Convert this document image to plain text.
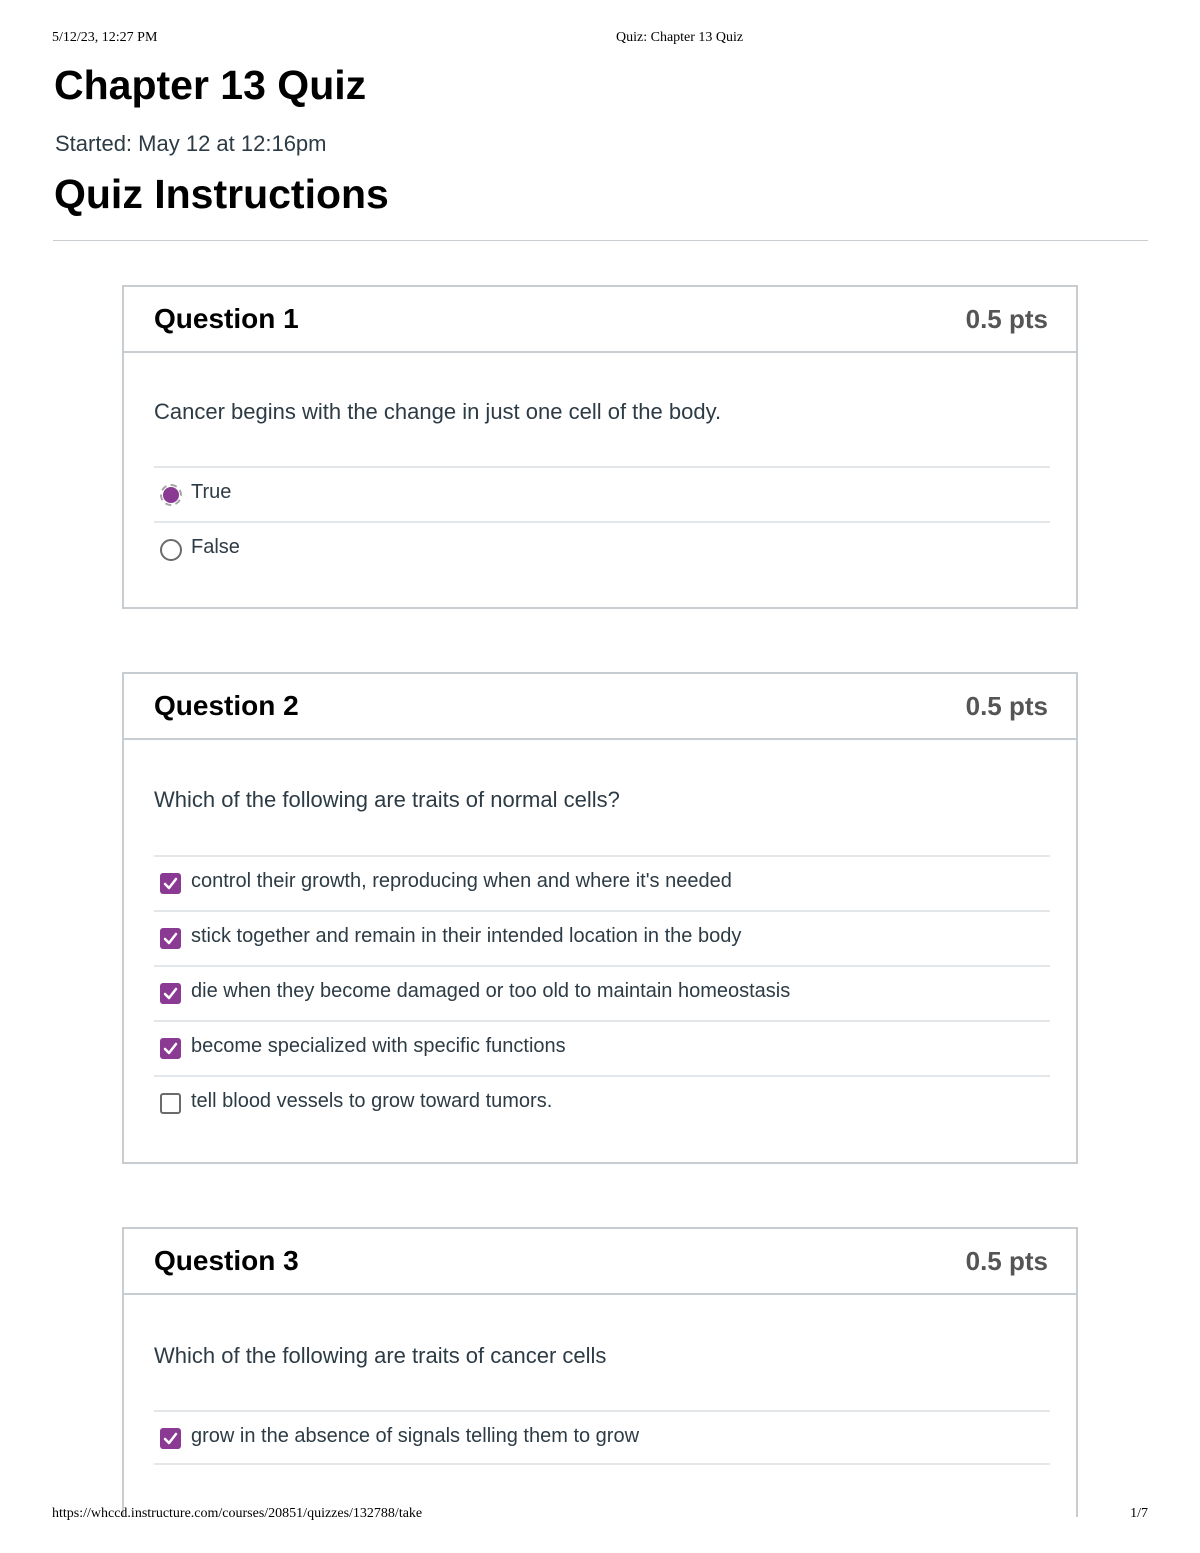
5/12/23, 12:27 PM	Quiz: Chapter 13 Quiz
Chapter 13 Quiz
Started: May 12 at 12:16pm
Quiz Instructions
Question 1	0.5 pts
Cancer begins with the change in just one cell of the body.
True
False
Question 2	0.5 pts
Which of the following are traits of normal cells?
control their growth, reproducing when and where it's needed
stick together and remain in their intended location in the body
die when they become damaged or too old to maintain homeostasis
become specialized with specific functions
tell blood vessels to grow toward tumors.
Question 3	0.5 pts
Which of the following are traits of cancer cells
grow in the absence of signals telling them to grow
https://whccd.instructure.com/courses/20851/quizzes/132788/take	1/7
